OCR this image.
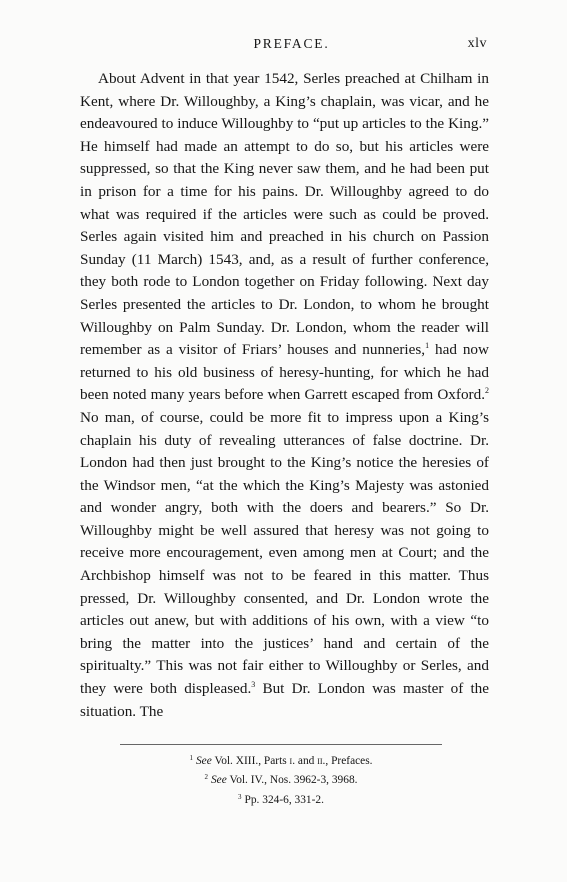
PREFACE.	xlv

About Advent in that year 1542, Serles preached at Chilham in Kent, where Dr. Willoughby, a King’s chaplain, was vicar, and he endeavoured to induce Willoughby to “put up articles to the King.” He himself had made an attempt to do so, but his articles were suppressed, so that the King never saw them, and he had been put in prison for a time for his pains. Dr. Willoughby agreed to do what was required if the articles were such as could be proved. Serles again visited him and preached in his church on Passion Sunday (11 March) 1543, and, as a result of further conference, they both rode to London together on Friday following. Next day Serles presented the articles to Dr. London, to whom he brought Willoughby on Palm Sunday. Dr. London, whom the reader will remember as a visitor of Friars’ houses and nunneries,$^1$ had now returned to his old business of heresy-hunting, for which he had been noted many years before when Garrett escaped from Oxford.$^2$ No man, of course, could be more fit to impress upon a King’s chaplain his duty of revealing utterances of false doctrine. Dr. London had then just brought to the King’s notice the heresies of the Windsor men, “at the which the King’s Majesty was astonied and wonder angry, both with the doers and bearers.” So Dr. Willoughby might be well assured that heresy was not going to receive more encouragement, even among men at Court; and the Archbishop himself was not to be feared in this matter. Thus pressed, Dr. Willoughby consented, and Dr. London wrote the articles out anew, but with additions of his own, with a view “to bring the matter into the justices’ hand and certain of the spiritualty.” This was not fair either to Willoughby or Serles, and they were both displeased.$^3$ But Dr. London was master of the situation. The

$^1$ See Vol. XIII., Parts i. and ii., Prefaces.
$^2$ See Vol. IV., Nos. 3962-3, 3968.
$^3$ Pp. 324-6, 331-2.
